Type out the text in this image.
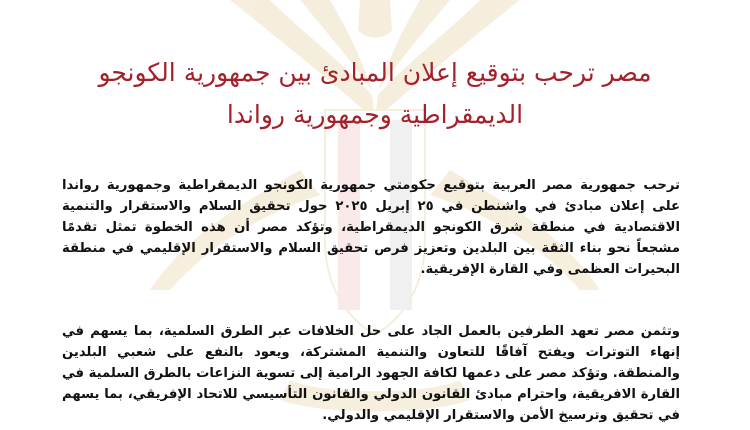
مصر ترحب بتوقيع إعلان المبادئ بين جمهورية الكونجو
الديمقراطية وجمهورية رواندا

ترحب جمهورية مصر العربية بتوقيع حكومتي جمهورية الكونجو الديمقراطية وجمهورية رواندا على إعلان مبادئ في واشنطن في ٢٥ إبريل ٢٠٢٥ حول تحقيق السلام والاستقرار والتنمية الاقتصادية في منطقة شرق الكونجو الديمقراطية، وتؤكد مصر أن هذه الخطوة تمثل تقدمًا مشجعاً نحو بناء الثقة بين البلدين وتعزيز فرص تحقيق السلام والاستقرار الإقليمي في منطقة البحيرات العظمى وفي القارة الإفريقية.

وتثمن مصر تعهد الطرفين بالعمل الجاد على حل الخلافات عبر الطرق السلمية، بما يسهم في إنهاء التوترات ويفتح آفاقًا للتعاون والتنمية المشتركة، ويعود بالنفع على شعبي البلدين والمنطقة. وتؤكد مصر على دعمها لكافة الجهود الرامية إلى تسوية النزاعات بالطرق السلمية في القارة الافريقية، واحترام مبادئ القانون الدولي والقانون التأسيسي للاتحاد الإفريقي، بما يسهم في تحقيق وترسيخ الأمن والاستقرار الإقليمي والدولي.
